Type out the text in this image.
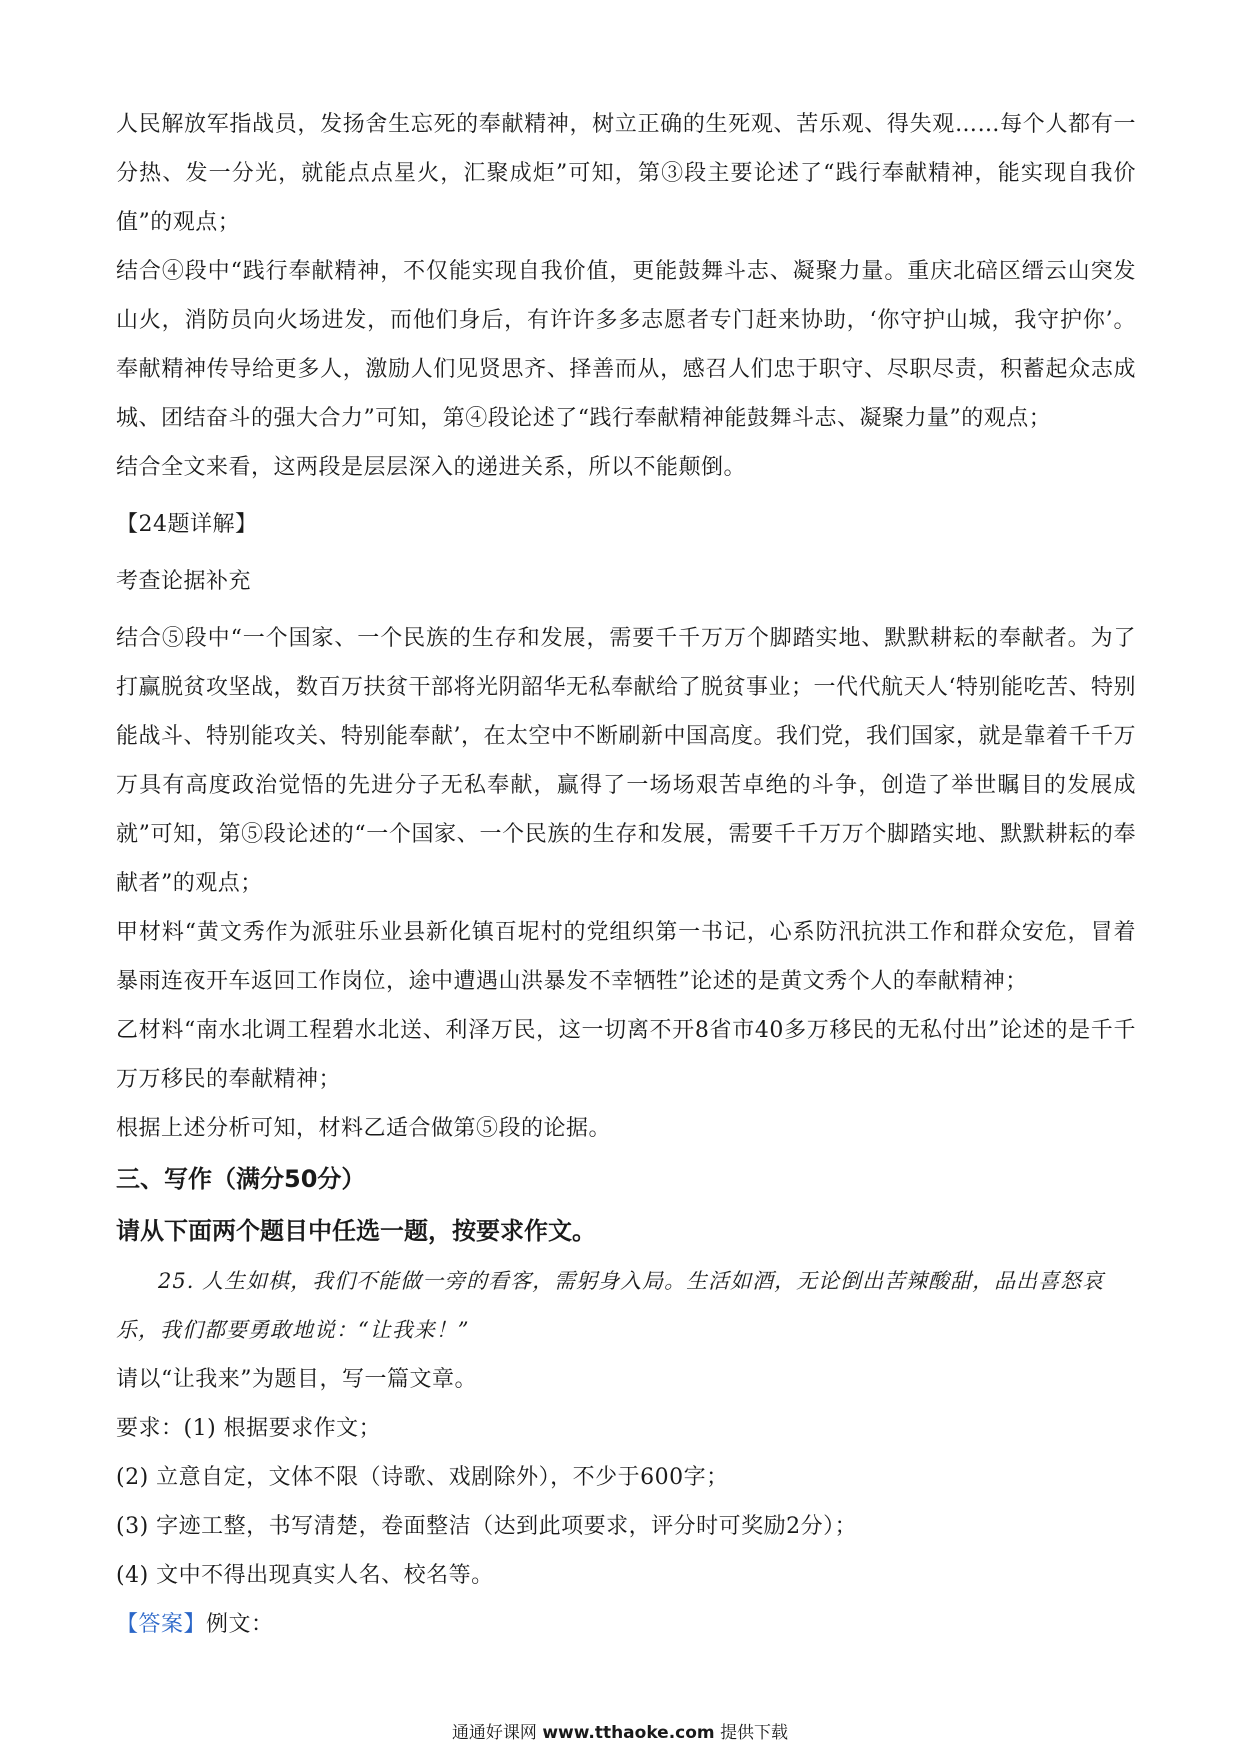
人民解放军指战员，发扬舍生忘死的奉献精神，树立正确的生死观、苦乐观、得失观……每个人都有一分热、发一分光，就能点点星火，汇聚成炬”可知，第③段主要论述了“践行奉献精神，能实现自我价值”的观点；

结合④段中“践行奉献精神，不仅能实现自我价值，更能鼓舞斗志、凝聚力量。重庆北碚区缙云山突发山火，消防员向火场进发，而他们身后，有许许多多志愿者专门赶来协助，‘你守护山城，我守护你’。奉献精神传导给更多人，激励人们见贤思齐、择善而从，感召人们忠于职守、尽职尽责，积蓄起众志成城、团结奋斗的强大合力”可知，第④段论述了“践行奉献精神能鼓舞斗志、凝聚力量”的观点；

结合全文来看，这两段是层层深入的递进关系，所以不能颠倒。

【24题详解】

考查论据补充

结合⑤段中“一个国家、一个民族的生存和发展，需要千千万万个脚踏实地、默默耕耘的奉献者。为了打赢脱贫攻坚战，数百万扶贫干部将光阴韶华无私奉献给了脱贫事业；一代代航天人‘特别能吃苦、特别能战斗、特别能攻关、特别能奉献’，在太空中不断刷新中国高度。我们党，我们国家，就是靠着千千万万具有高度政治觉悟的先进分子无私奉献，赢得了一场场艰苦卓绝的斗争，创造了举世瞩目的发展成就”可知，第⑤段论述的“一个国家、一个民族的生存和发展，需要千千万万个脚踏实地、默默耕耘的奉献者”的观点；

甲材料“黄文秀作为派驻乐业县新化镇百坭村的党组织第一书记，心系防汛抗洪工作和群众安危，冒着暴雨连夜开车返回工作岗位，途中遭遇山洪暴发不幸牺牲”论述的是黄文秀个人的奉献精神；

乙材料“南水北调工程碧水北送、利泽万民，这一切离不开8省市40多万移民的无私付出”论述的是千千万万移民的奉献精神；

根据上述分析可知，材料乙适合做第⑤段的论据。

三、写作（满分50分）

请从下面两个题目中任选一题，按要求作文。

25. 人生如棋，我们不能做一旁的看客，需躬身入局。生活如酒，无论倒出苦辣酸甜，品出喜怒哀乐，我们都要勇敢地说：“让我来！”

请以“让我来”为题目，写一篇文章。

要求：(1) 根据要求作文；

(2) 立意自定，文体不限（诗歌、戏剧除外），不少于600字；

(3) 字迹工整，书写清楚，卷面整洁（达到此项要求，评分时可奖励2分）；

(4) 文中不得出现真实人名、校名等。

【答案】例文：

通通好课网 www.tthaoke.com 提供下载
